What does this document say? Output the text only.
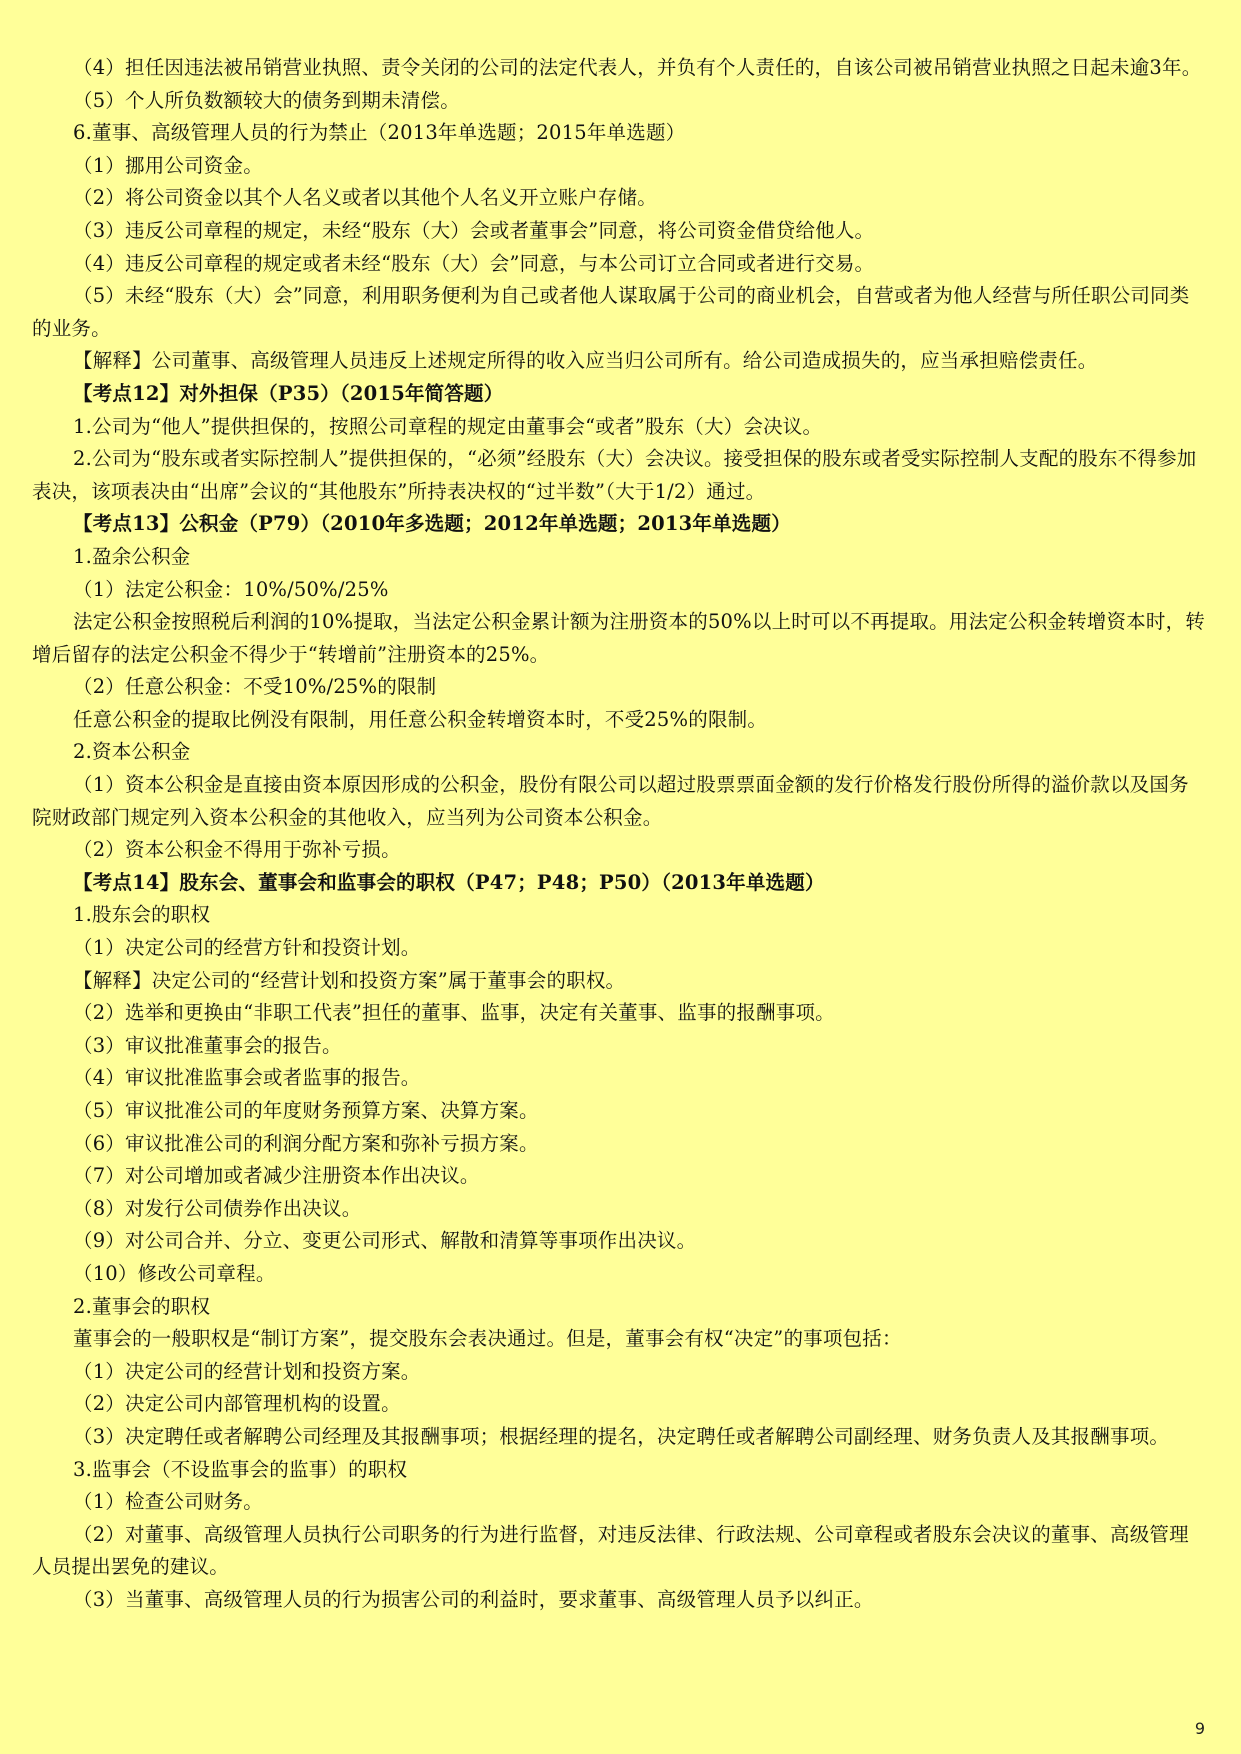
（4）担任因违法被吊销营业执照、责令关闭的公司的法定代表人，并负有个人责任的，自该公司被吊销营业执照之日起未逾3年。

（5）个人所负数额较大的债务到期未清偿。

6.董事、高级管理人员的行为禁止（2013年单选题；2015年单选题）

（1）挪用公司资金。

（2）将公司资金以其个人名义或者以其他个人名义开立账户存储。

（3）违反公司章程的规定，未经“股东（大）会或者董事会”同意，将公司资金借贷给他人。

（4）违反公司章程的规定或者未经“股东（大）会”同意，与本公司订立合同或者进行交易。

（5）未经“股东（大）会”同意，利用职务便利为自己或者他人谋取属于公司的商业机会，自营或者为他人经营与所任职公司同类的业务。

【解释】公司董事、高级管理人员违反上述规定所得的收入应当归公司所有。给公司造成损失的，应当承担赔偿责任。

【考点12】对外担保（P35）（2015年简答题）

1.公司为“他人”提供担保的，按照公司章程的规定由董事会“或者”股东（大）会决议。

2.公司为“股东或者实际控制人”提供担保的，“必须”经股东（大）会决议。接受担保的股东或者受实际控制人支配的股东不得参加表决，该项表决由“出席”会议的“其他股东”所持表决权的“过半数”（大于1/2）通过。

【考点13】公积金（P79）（2010年多选题；2012年单选题；2013年单选题）

1.盈余公积金

（1）法定公积金：10%/50%/25%

法定公积金按照税后利润的10%提取，当法定公积金累计额为注册资本的50%以上时可以不再提取。用法定公积金转增资本时，转增后留存的法定公积金不得少于“转增前”注册资本的25%。

（2）任意公积金：不受10%/25%的限制

任意公积金的提取比例没有限制，用任意公积金转增资本时，不受25%的限制。

2.资本公积金

（1）资本公积金是直接由资本原因形成的公积金，股份有限公司以超过股票票面金额的发行价格发行股份所得的溢价款以及国务院财政部门规定列入资本公积金的其他收入，应当列为公司资本公积金。

（2）资本公积金不得用于弥补亏损。

【考点14】股东会、董事会和监事会的职权（P47；P48；P50）（2013年单选题）

1.股东会的职权

（1）决定公司的经营方针和投资计划。

【解释】决定公司的“经营计划和投资方案”属于董事会的职权。

（2）选举和更换由“非职工代表”担任的董事、监事，决定有关董事、监事的报酬事项。

（3）审议批准董事会的报告。

（4）审议批准监事会或者监事的报告。

（5）审议批准公司的年度财务预算方案、决算方案。

（6）审议批准公司的利润分配方案和弥补亏损方案。

（7）对公司增加或者减少注册资本作出决议。

（8）对发行公司债券作出决议。

（9）对公司合并、分立、变更公司形式、解散和清算等事项作出决议。

（10）修改公司章程。

2.董事会的职权

董事会的一般职权是“制订方案”，提交股东会表决通过。但是，董事会有权“决定”的事项包括：

（1）决定公司的经营计划和投资方案。

（2）决定公司内部管理机构的设置。

（3）决定聘任或者解聘公司经理及其报酬事项；根据经理的提名，决定聘任或者解聘公司副经理、财务负责人及其报酬事项。

3.监事会（不设监事会的监事）的职权

（1）检查公司财务。

（2）对董事、高级管理人员执行公司职务的行为进行监督，对违反法律、行政法规、公司章程或者股东会决议的董事、高级管理人员提出罢免的建议。

（3）当董事、高级管理人员的行为损害公司的利益时，要求董事、高级管理人员予以纠正。

9
